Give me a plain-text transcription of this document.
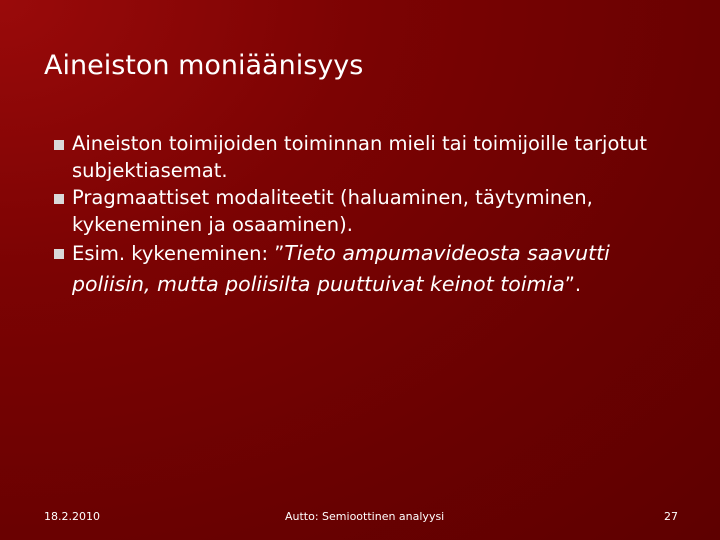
Aineiston moniäänisyys
Aineiston toimijoiden toiminnan mieli tai toimijoille tarjotut subjektiasemat.
Pragmaattiset modaliteetit (haluaminen, täytyminen, kykeneminen ja osaaminen).
Esim. kykeneminen: ”Tieto ampumavideosta saavutti poliisin, mutta poliisilta puuttuivat keinot toimia”.
18.2.2010	Autto: Semioottinen analyysi	27
